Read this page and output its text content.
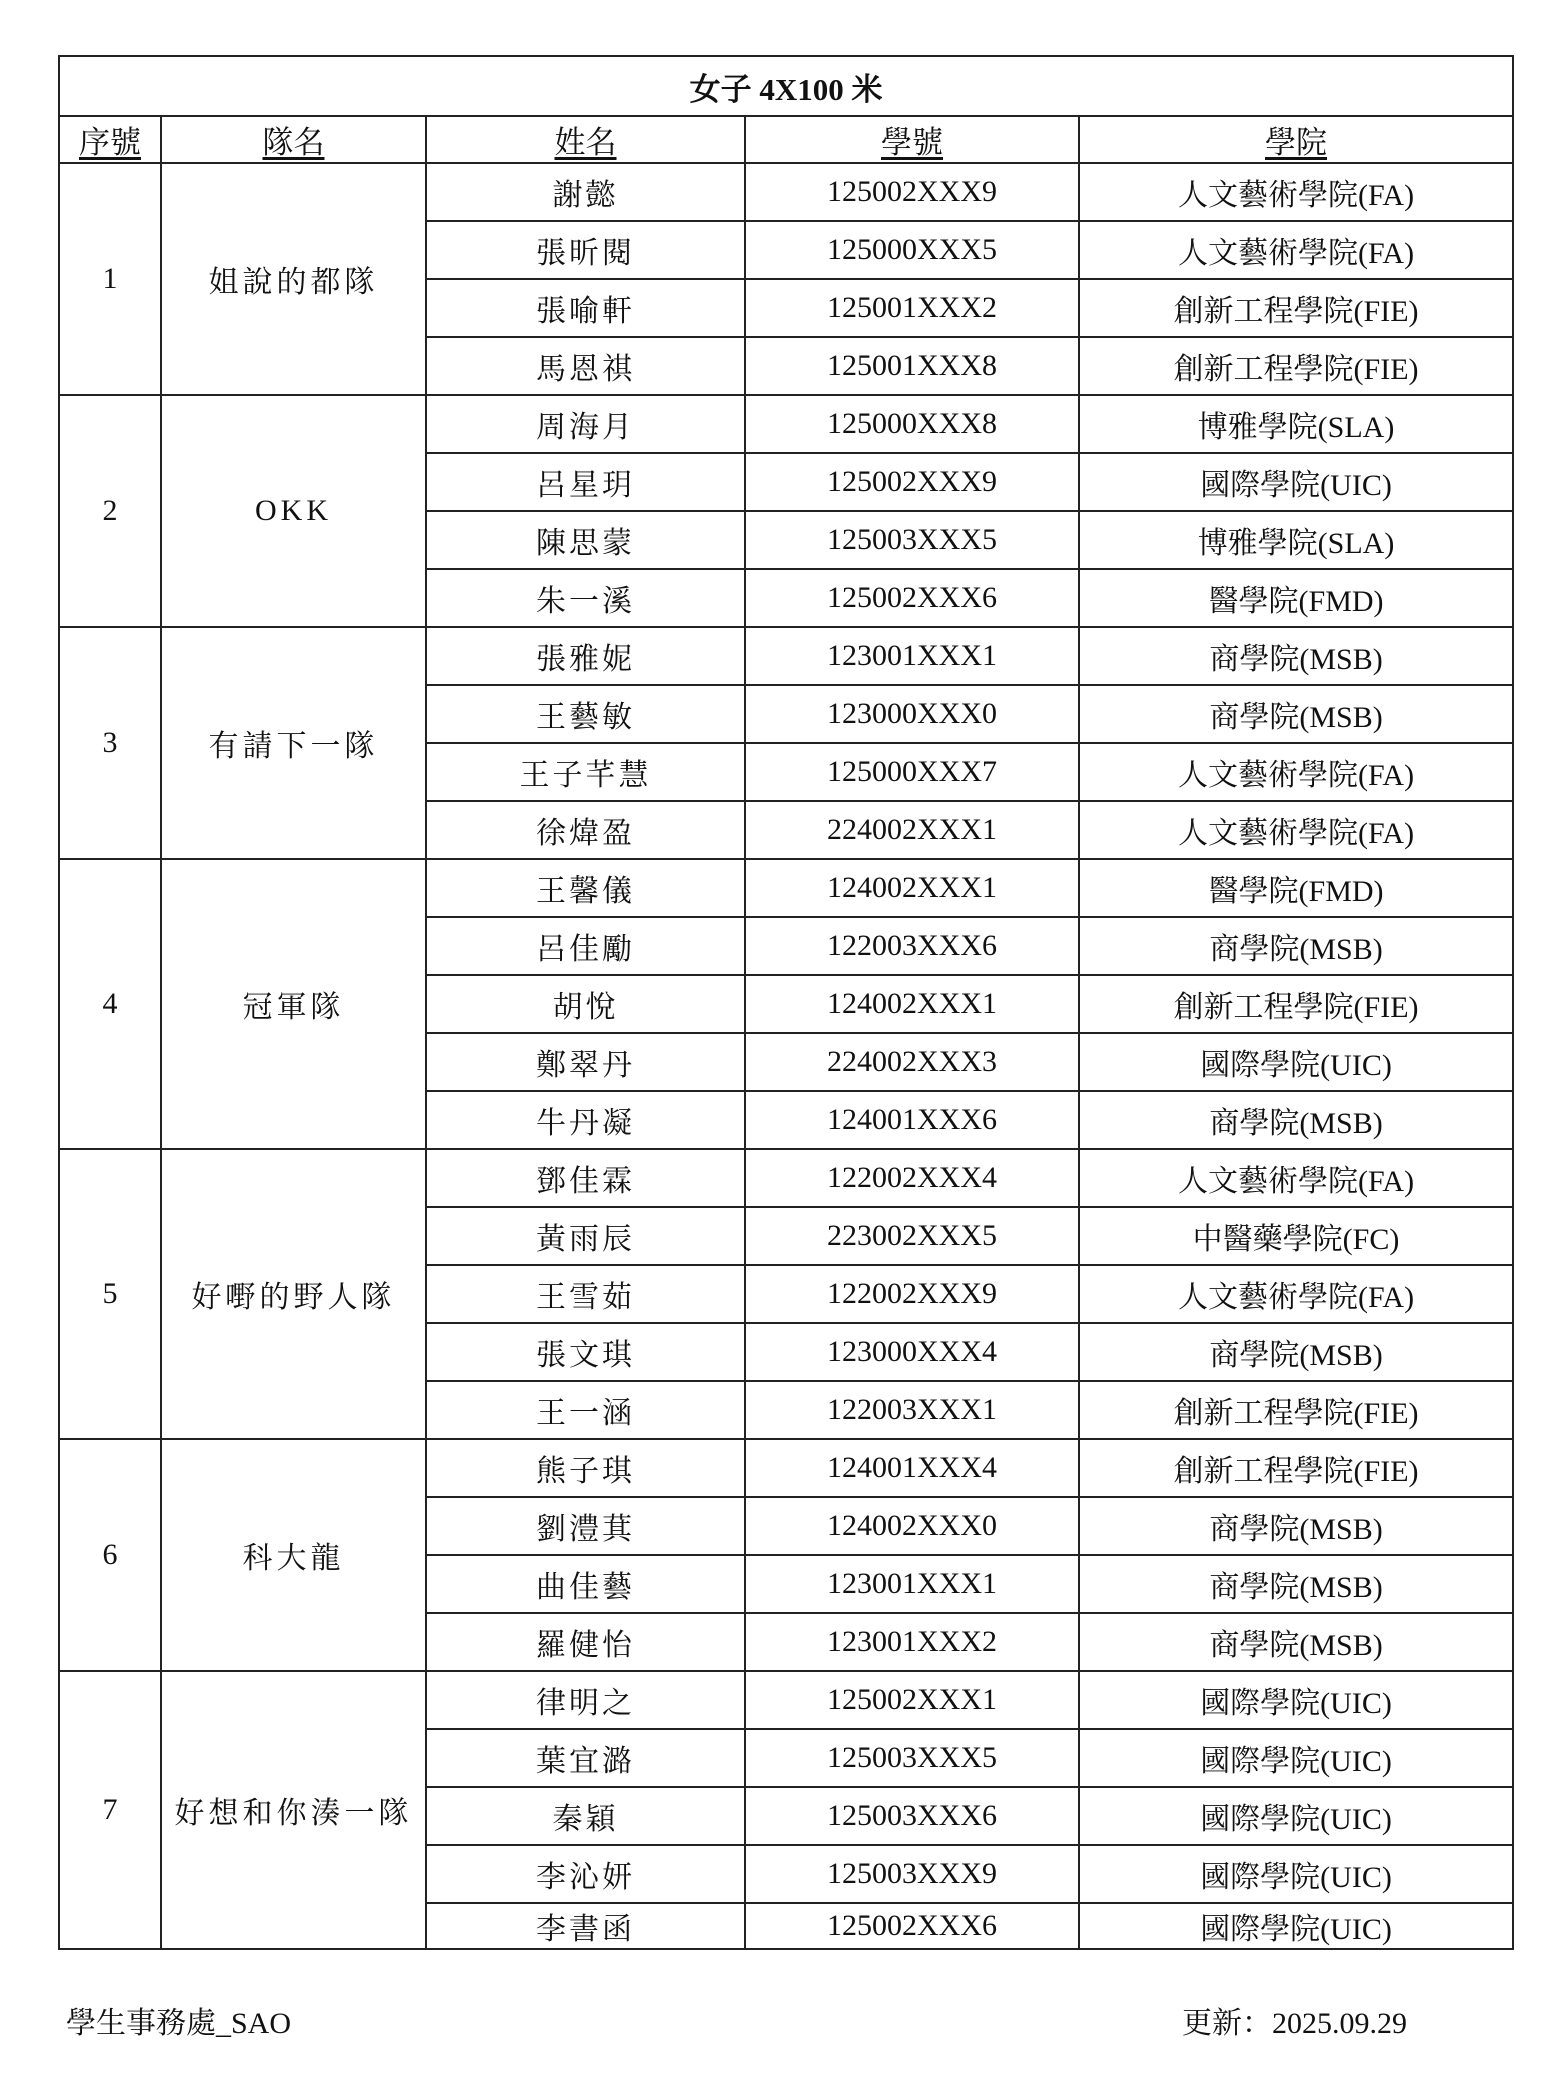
女子 4X100 米				
序號	隊名	姓名	學號	學院
1	姐說的都隊	謝懿	125002XXX9	人文藝術學院(FA)
		張昕閱	125000XXX5	人文藝術學院(FA)
		張喻軒	125001XXX2	創新工程學院(FIE)
		馬恩祺	125001XXX8	創新工程學院(FIE)
2	OKK	周海月	125000XXX8	博雅學院(SLA)
		呂星玥	125002XXX9	國際學院(UIC)
		陳思蒙	125003XXX5	博雅學院(SLA)
		朱一溪	125002XXX6	醫學院(FMD)
3	有請下一隊	張雅妮	123001XXX1	商學院(MSB)
		王藝敏	123000XXX0	商學院(MSB)
		王子芊慧	125000XXX7	人文藝術學院(FA)
		徐煒盈	224002XXX1	人文藝術學院(FA)
4	冠軍隊	王馨儀	124002XXX1	醫學院(FMD)
		呂佳勵	122003XXX6	商學院(MSB)
		胡悅	124002XXX1	創新工程學院(FIE)
		鄭翠丹	224002XXX3	國際學院(UIC)
		牛丹凝	124001XXX6	商學院(MSB)
5	好嘢的野人隊	鄧佳霖	122002XXX4	人文藝術學院(FA)
		黃雨辰	223002XXX5	中醫藥學院(FC)
		王雪茹	122002XXX9	人文藝術學院(FA)
		張文琪	123000XXX4	商學院(MSB)
		王一涵	122003XXX1	創新工程學院(FIE)
6	科大龍	熊子琪	124001XXX4	創新工程學院(FIE)
		劉澧萁	124002XXX0	商學院(MSB)
		曲佳藝	123001XXX1	商學院(MSB)
		羅健怡	123001XXX2	商學院(MSB)
7	好想和你湊一隊	律明之	125002XXX1	國際學院(UIC)
		葉宜潞	125003XXX5	國際學院(UIC)
		秦穎	125003XXX6	國際學院(UIC)
		李沁妍	125003XXX9	國際學院(UIC)
		李書函	125002XXX6	國際學院(UIC)
學生事務處_SAO	更新：2025.09.29
